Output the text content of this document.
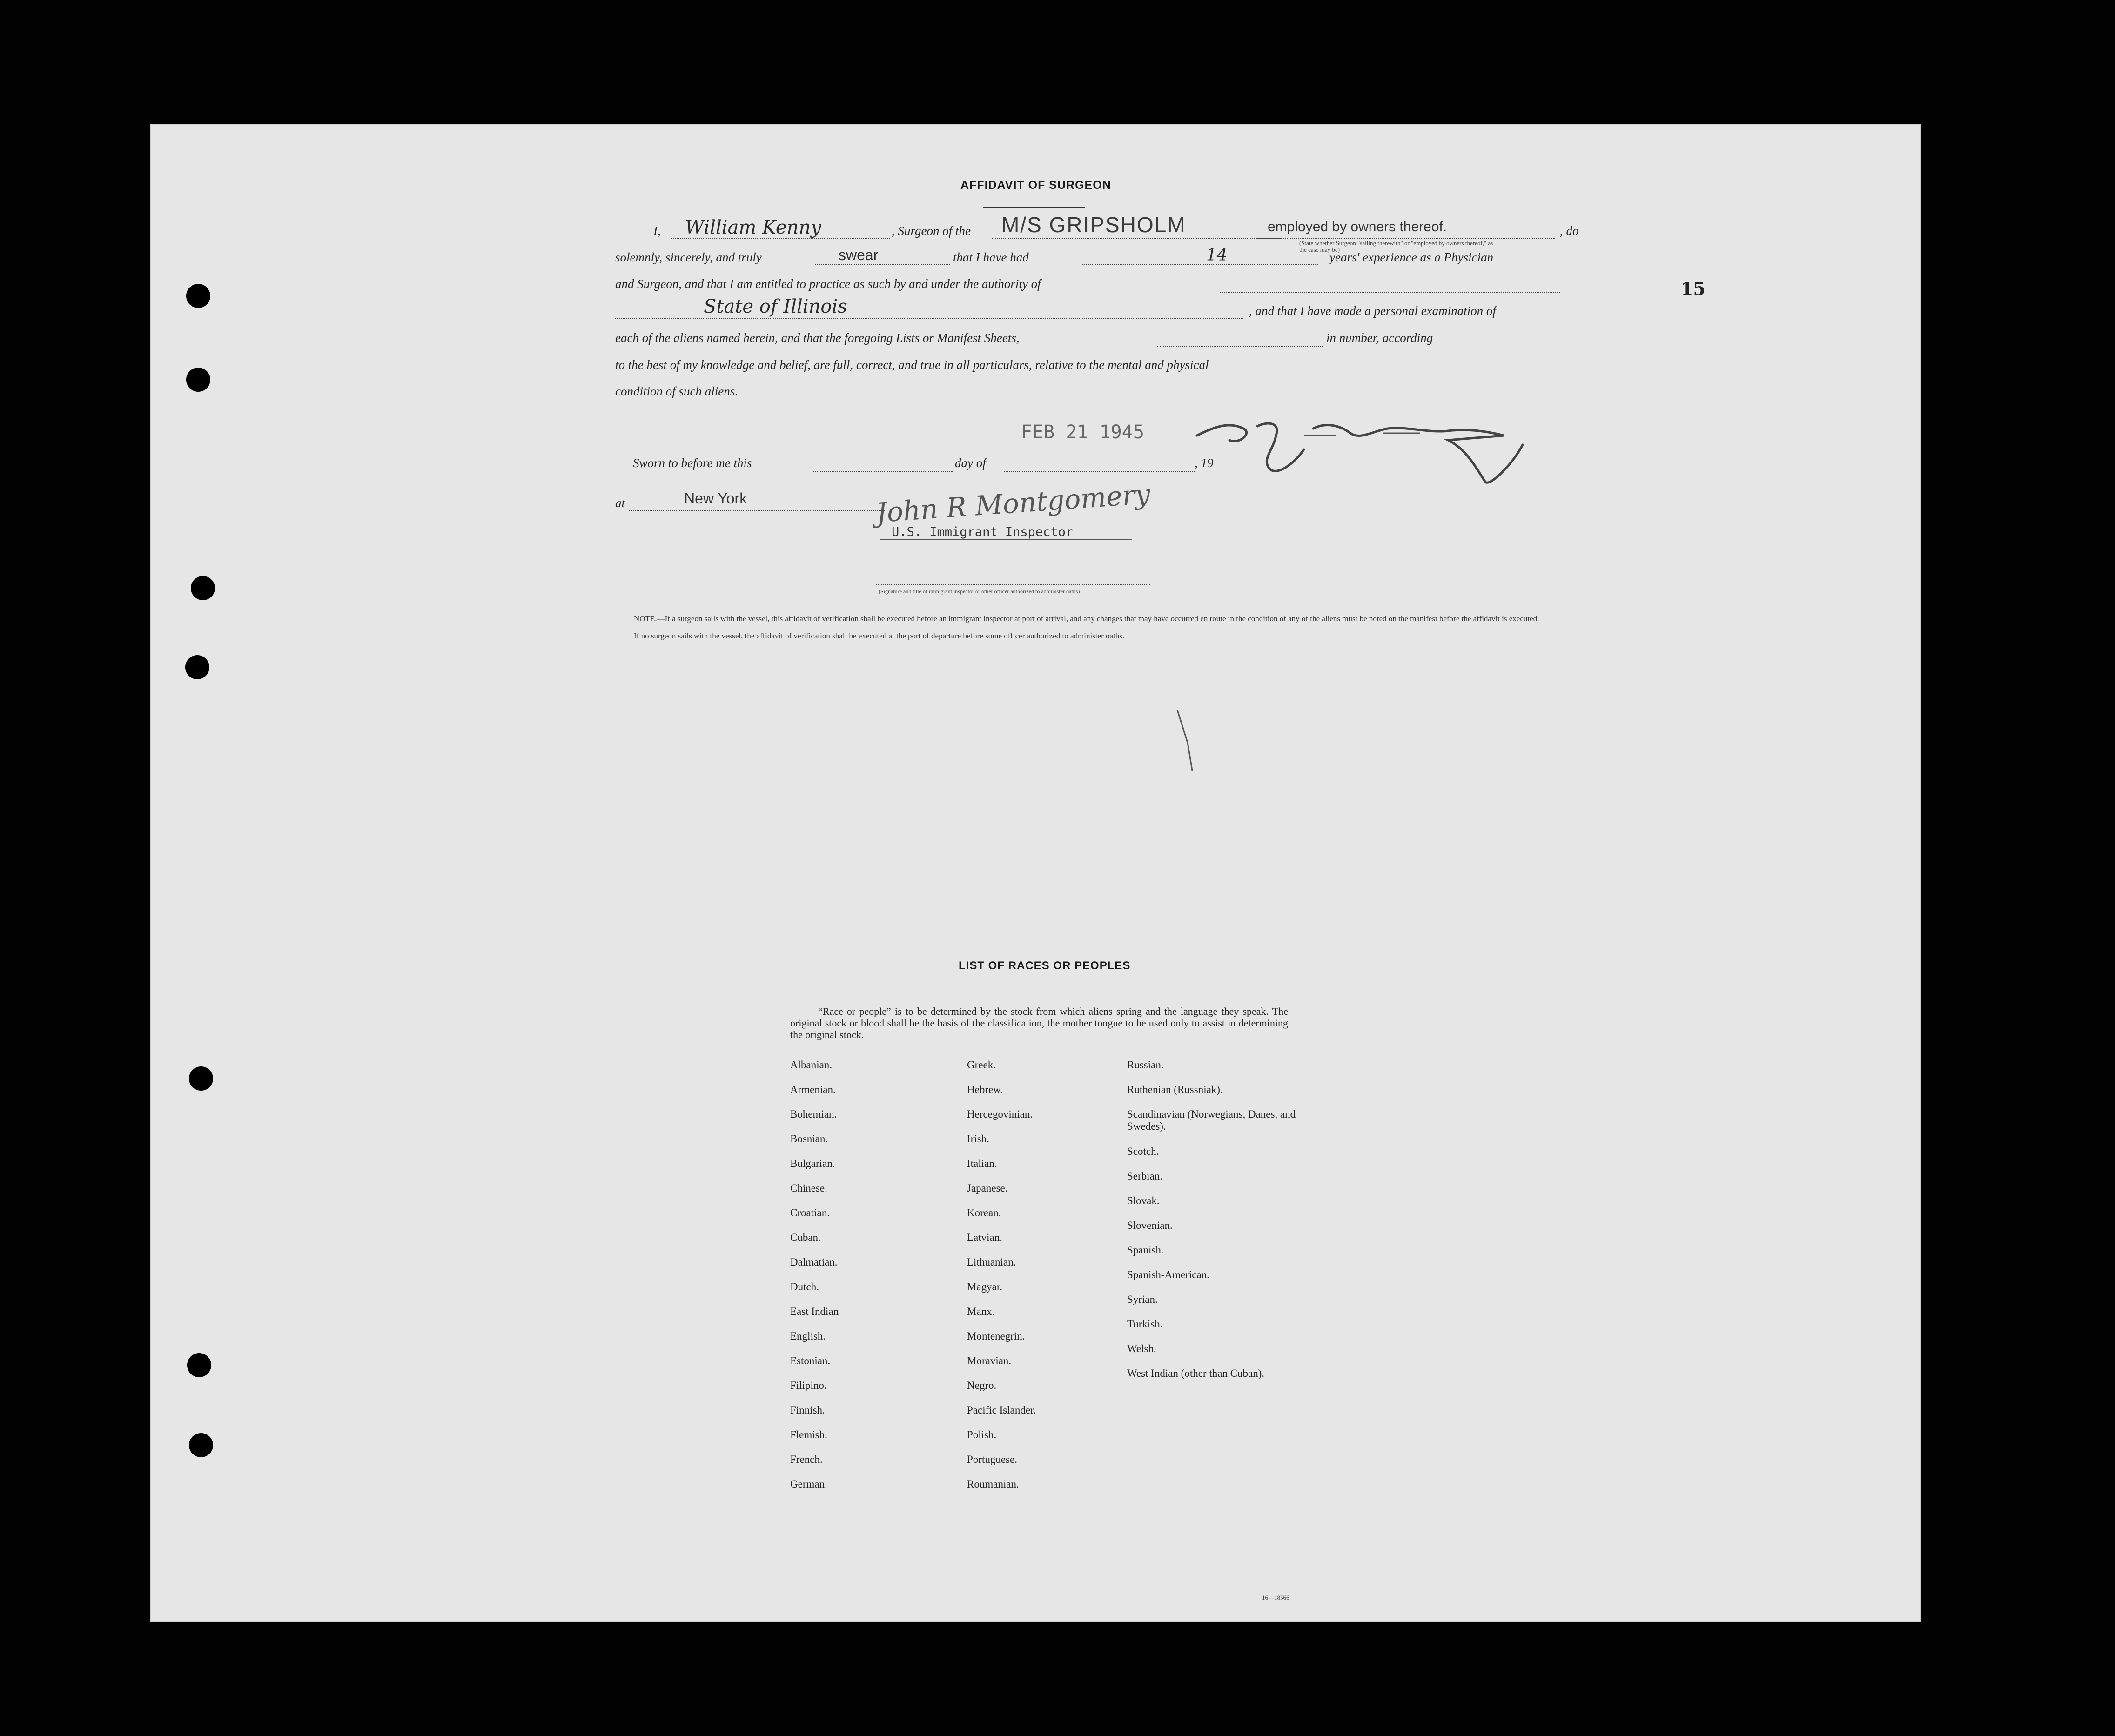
15
AFFIDAVIT OF SURGEON
I, William Kenny	, Surgeon of the M/S GRIPSHOLM	employed by owners thereof.	, do
(State whether Surgeon "sailing therewith" or "employed by owners thereof," as the case may be)
solemnly, sincerely, and truly	swear	that I have had	14	years' experience as a Physician
and Surgeon, and that I am entitled to practice as such by and under the authority of
State of Illinois	, and that I have made a personal examination of
each of the aliens named herein, and that the foregoing Lists or Manifest Sheets,	in number, according
to the best of my knowledge and belief, are full, correct, and true in all particulars, relative to the mental and physical
condition of such aliens.
FEB 21 1945
Sworn to before me this	day of	, 19
at	New York	John R Montgomery
U.S. Immigrant Inspector
(Signature and title of immigrant inspector or other officer authorized to administer oaths)
NOTE.—If a surgeon sails with the vessel, this affidavit of verification shall be executed before an immigrant inspector at port of arrival, and any changes that may have occurred en route in the condition of any of the aliens must be noted on the manifest before the affidavit is executed.
If no surgeon sails with the vessel, the affidavit of verification shall be executed at the port of departure before some officer authorized to administer oaths.
LIST OF RACES OR PEOPLES
“Race or people” is to be determined by the stock from which aliens spring and the language they speak. The original stock or blood shall be the basis of the classification, the mother tongue to be used only to assist in determining the original stock.
Albanian.
Armenian.
Bohemian.
Bosnian.
Bulgarian.
Chinese.
Croatian.
Cuban.
Dalmatian.
Dutch.
East Indian
English.
Estonian.
Filipino.
Finnish.
Flemish.
French.
German.
Greek.
Hebrew.
Hercegovinian.
Irish.
Italian.
Japanese.
Korean.
Latvian.
Lithuanian.
Magyar.
Manx.
Montenegrin.
Moravian.
Negro.
Pacific Islander.
Polish.
Portuguese.
Roumanian.
Russian.
Ruthenian (Russniak).
Scandinavian (Norwegians, Danes, and Swedes).
Scotch.
Serbian.
Slovak.
Slovenian.
Spanish.
Spanish-American.
Syrian.
Turkish.
Welsh.
West Indian (other than Cuban).
16—18566
